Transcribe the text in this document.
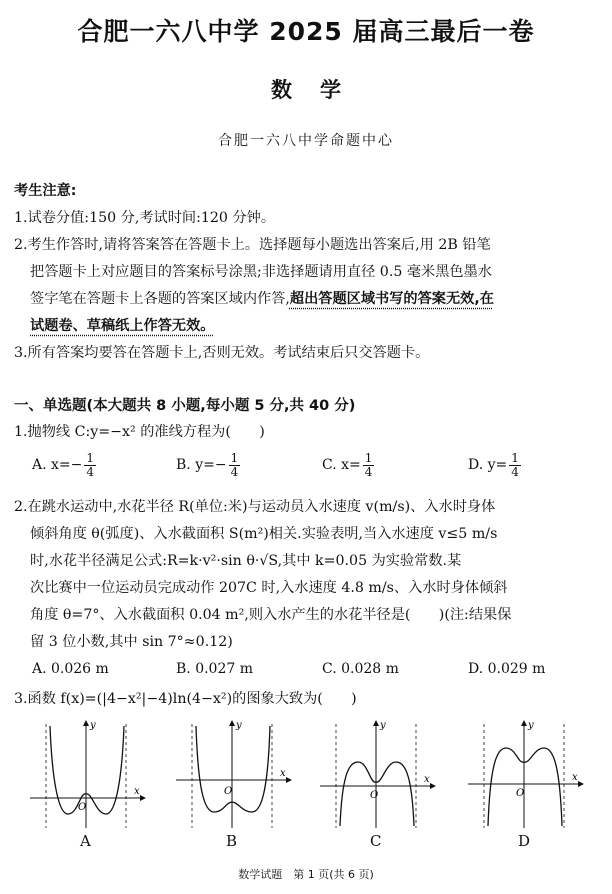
合肥一六八中学 2025 届高三最后一卷
数学
合肥一六八中学命题中心
考生注意:
1.试卷分值:150 分,考试时间:120 分钟。
2.考生作答时,请将答案答在答题卡上。选择题每小题选出答案后,用 2B 铅笔
把答题卡上对应题目的答案标号涂黑;非选择题请用直径 0.5 毫米黑色墨水
签字笔在答题卡上各题的答案区域内作答,超出答题区域书写的答案无效,在
试题卷、草稿纸上作答无效。
3.所有答案均要答在答题卡上,否则无效。考试结束后只交答题卡。
一、单选题(本大题共 8 小题,每小题 5 分,共 40 分)
1.抛物线 C:y=−x² 的准线方程为(　　)
A. $x=- \frac{1}{4}$	B. $y=- \frac{1}{4}$	C. $x= \frac{1}{4}$	D. $y= \frac{1}{4}$
2.在跳水运动中,水花半径 R(单位:米)与运动员入水速度 v(m/s)、入水时身体
倾斜角度 θ(弧度)、入水截面积 S(m²)相关.实验表明,当入水速度 v≤5 m/s
时,水花半径满足公式:R=k·v²·sin θ·√S,其中 k=0.05 为实验常数.某
次比赛中一位运动员完成动作 207C 时,入水速度 4.8 m/s、入水时身体倾斜
角度 θ=7°、入水截面积 0.04 m²,则入水产生的水花半径是(　　)(注:结果保
留 3 位小数,其中 sin 7°≈0.12)
A. 0.026 m	B. 0.027 m	C. 0.028 m	D. 0.029 m
3.函数 f(x)=(|4−x²|−4)ln(4−x²)的图象大致为(　　)
x
y
O
x
y
O
x
y
O
x
y
O
A	B	C	D
数学试题　第 1 页(共 6 页)
